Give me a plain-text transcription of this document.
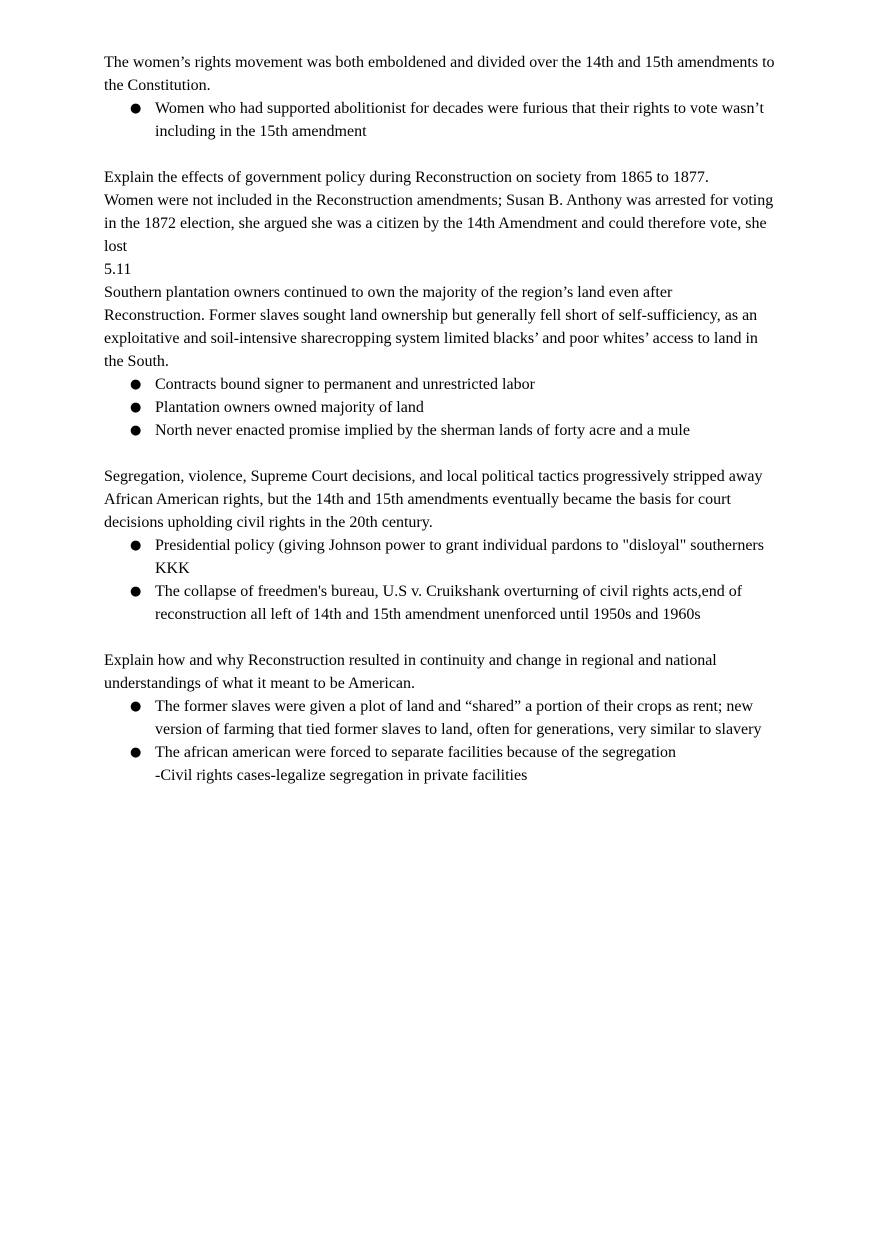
The women’s rights movement was both emboldened and divided over the 14th and 15th amendments to the Constitution.

● Women who had supported abolitionist for decades were furious that their rights to vote wasn’t including in the 15th amendment

Explain the effects of government policy during Reconstruction on society from 1865 to 1877.

Women were not included in the Reconstruction amendments; Susan B. Anthony was arrested for voting in the 1872 election, she argued she was a citizen by the 14th Amendment and could therefore vote, she lost

5.11

Southern plantation owners continued to own the majority of the region’s land even after Reconstruction. Former slaves sought land ownership but generally fell short of self-sufficiency, as an exploitative and soil-intensive sharecropping system limited blacks’ and poor whites’ access to land in the South.

● Contracts bound signer to permanent and unrestricted labor
● Plantation owners owned majority of land
● North never enacted promise implied by the sherman lands of forty acre and a mule

Segregation, violence, Supreme Court decisions, and local political tactics progressively stripped away African American rights, but the 14th and 15th amendments eventually became the basis for court decisions upholding civil rights in the 20th century.

● Presidential policy (giving Johnson power to grant individual pardons to "disloyal" southerners KKK
● The collapse of freedmen's bureau, U.S v. Cruikshank overturning of civil rights acts,end of reconstruction all left of 14th and 15th amendment unenforced until 1950s and 1960s

Explain how and why Reconstruction resulted in continuity and change in regional and national understandings of what it meant to be American.

● The former slaves were given a plot of land and “shared” a portion of their crops as rent; new version of farming that tied former slaves to land, often for generations, very similar to slavery
● The african american were forced to separate facilities because of the segregation

-Civil rights cases-legalize segregation in private facilities
